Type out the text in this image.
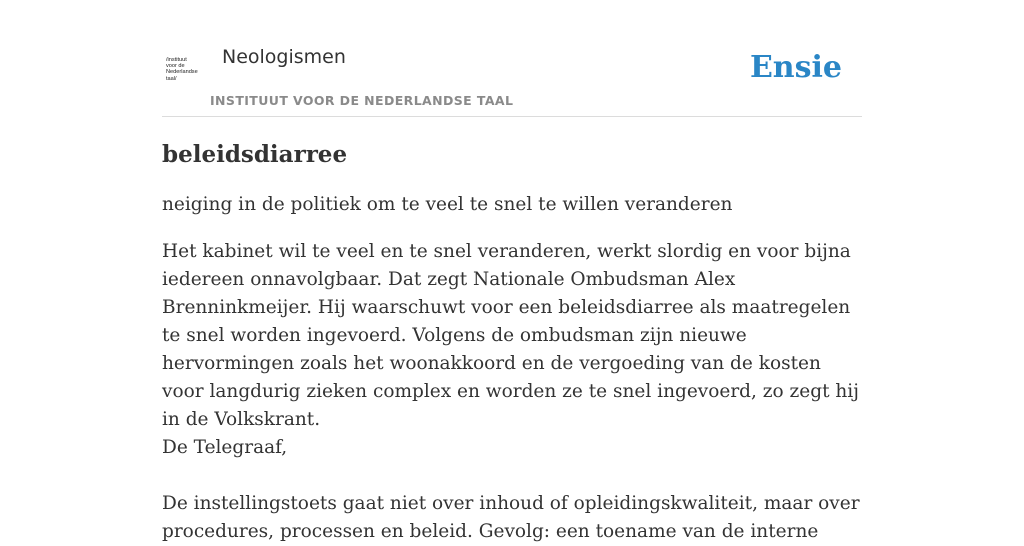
/instituut
voor de
Nederlandse
taal/
Neologismen
INSTITUUT VOOR DE NEDERLANDSE TAAL
Ensie
beleidsdiarree

neiging in de politiek om te veel te snel te willen veranderen

Het kabinet wil te veel en te snel veranderen, werkt slordig en voor bijna iedereen onnavolgbaar. Dat zegt Nationale Ombudsman Alex Brenninkmeijer. Hij waarschuwt voor een beleidsdiarree als maatregelen te snel worden ingevoerd. Volgens de ombudsman zijn nieuwe hervormingen zoals het woonakkoord en de vergoeding van de kosten voor langdurig zieken complex en worden ze te snel ingevoerd, zo zegt hij in de Volkskrant.
De Telegraaf,
De instellingstoets gaat niet over inhoud of opleidingskwaliteit, maar over procedures, processen en beleid. Gevolg: een toename van de interne
